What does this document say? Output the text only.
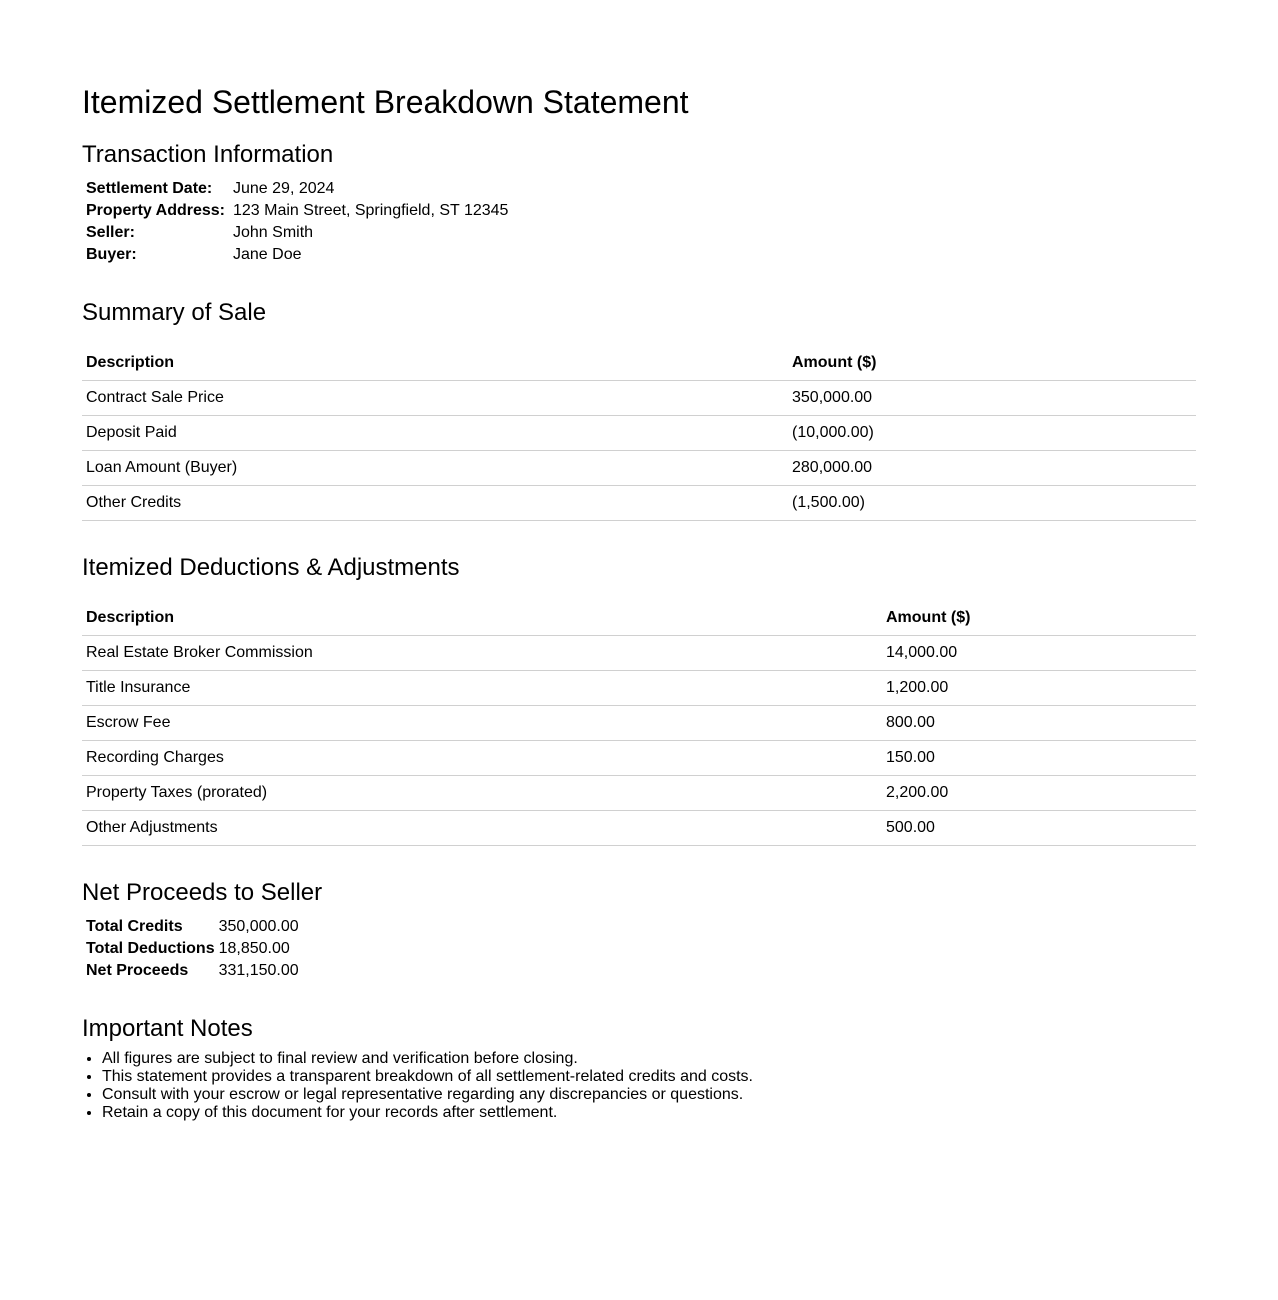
Itemized Settlement Breakdown Statement
Transaction Information
Settlement Date:	June 29, 2024
Property Address:	123 Main Street, Springfield, ST 12345
Seller:	John Smith
Buyer:	Jane Doe
Summary of Sale
Description	Amount ($)
Contract Sale Price	350,000.00
Deposit Paid	(10,000.00)
Loan Amount (Buyer)	280,000.00
Other Credits	(1,500.00)
Itemized Deductions & Adjustments
Description	Amount ($)
Real Estate Broker Commission	14,000.00
Title Insurance	1,200.00
Escrow Fee	800.00
Recording Charges	150.00
Property Taxes (prorated)	2,200.00
Other Adjustments	500.00
Net Proceeds to Seller
Total Credits	350,000.00
Total Deductions	18,850.00
Net Proceeds	331,150.00
Important Notes
• All figures are subject to final review and verification before closing.
• This statement provides a transparent breakdown of all settlement-related credits and costs.
• Consult with your escrow or legal representative regarding any discrepancies or questions.
• Retain a copy of this document for your records after settlement.
